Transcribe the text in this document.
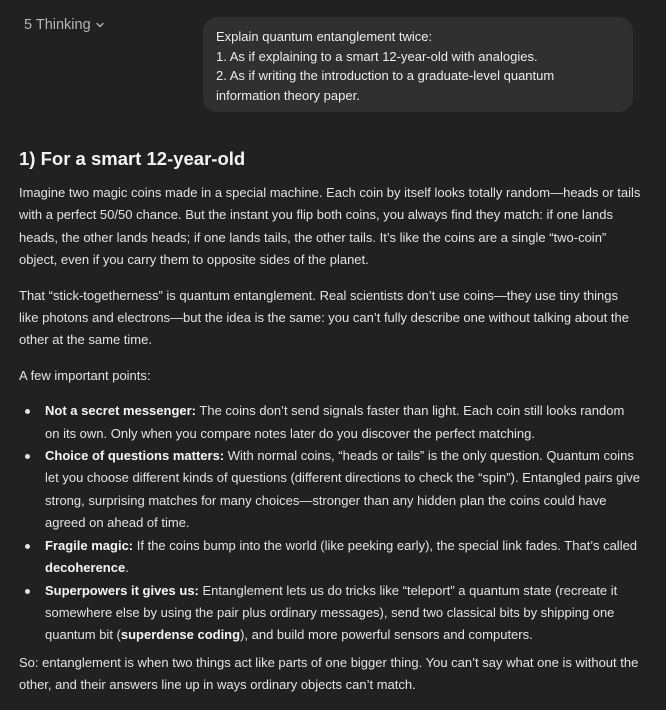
5 Thinking

Explain quantum entanglement twice:

1. As if explaining to a smart 12-year-old with analogies.

2. As if writing the introduction to a graduate-level quantum information theory paper.

1) For a smart 12-year-old

Imagine two magic coins made in a special machine. Each coin by itself looks totally random—heads or tails with a perfect 50/50 chance. But the instant you flip both coins, you always find they match: if one lands heads, the other lands heads; if one lands tails, the other tails. It’s like the coins are a single “two-coin” object, even if you carry them to opposite sides of the planet.

That “stick-togetherness” is quantum entanglement. Real scientists don’t use coins—they use tiny things like photons and electrons—but the idea is the same: you can’t fully describe one without talking about the other at the same time.

A few important points:

Not a secret messenger: The coins don’t send signals faster than light. Each coin still looks random on its own. Only when you compare notes later do you discover the perfect matching.
Choice of questions matters: With normal coins, “heads or tails” is the only question. Quantum coins let you choose different kinds of questions (different directions to check the “spin”). Entangled pairs give strong, surprising matches for many choices—stronger than any hidden plan the coins could have agreed on ahead of time.
Fragile magic: If the coins bump into the world (like peeking early), the special link fades. That’s called decoherence.
Superpowers it gives us: Entanglement lets us do tricks like “teleport” a quantum state (recreate it somewhere else by using the pair plus ordinary messages), send two classical bits by shipping one quantum bit (superdense coding), and build more powerful sensors and computers.

So: entanglement is when two things act like parts of one bigger thing. You can’t say what one is without the other, and their answers line up in ways ordinary objects can’t match.
